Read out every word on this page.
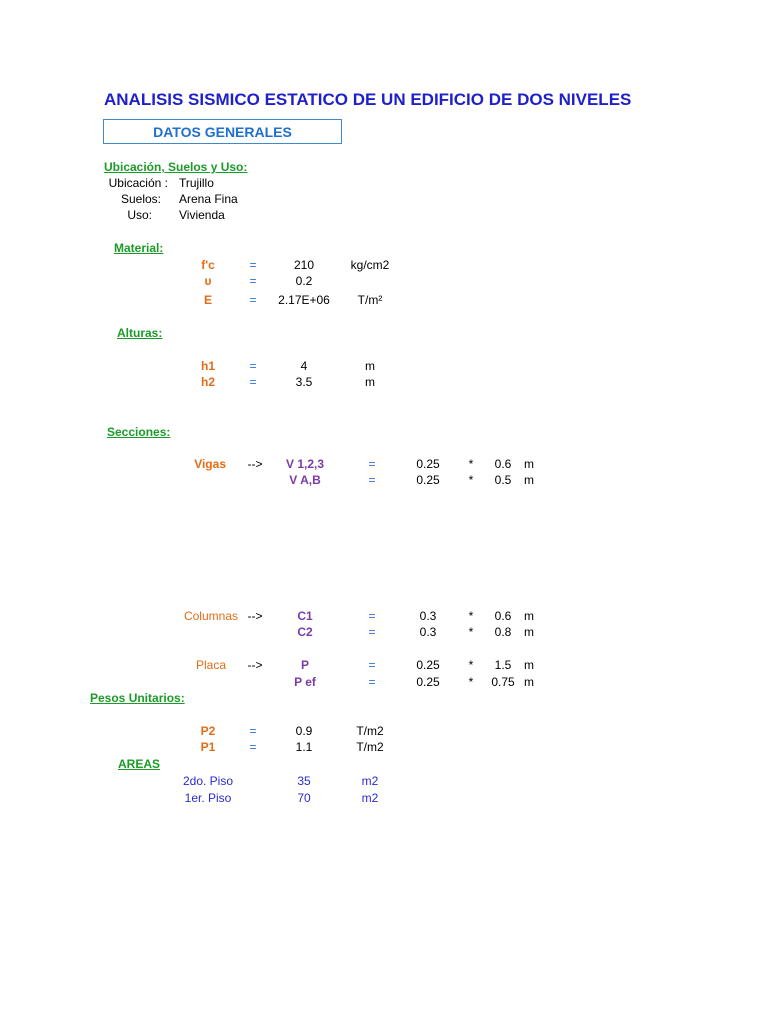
ANALISIS SISMICO ESTATICO DE UN EDIFICIO DE DOS NIVELES
DATOS GENERALES
Ubicación, Suelos y Uso:
Ubicación : Trujillo
Suelos: Arena Fina
Uso: Vivienda
Material:
f'c	=	210	kg/cm2
υ	=	0.2
E	=	2.17E+06	T/m²
Alturas:
h1	=	4	m
h2	=	3.5	m
Secciones:
Vigas	-->	V 1,2,3	=	0.25	*	0.6	m
V A,B	=	0.25	*	0.5	m
Columnas -->	C1	=	0.3	*	0.6	m
C2	=	0.3	*	0.8	m
Placa	-->	P	=	0.25	*	1.5	m
P ef	=	0.25	*	0.75 m
Pesos Unitarios:
P2	=	0.9	T/m2
P1	=	1.1	T/m2
AREAS
2do. Piso	35	m2
1er. Piso	70	m2
